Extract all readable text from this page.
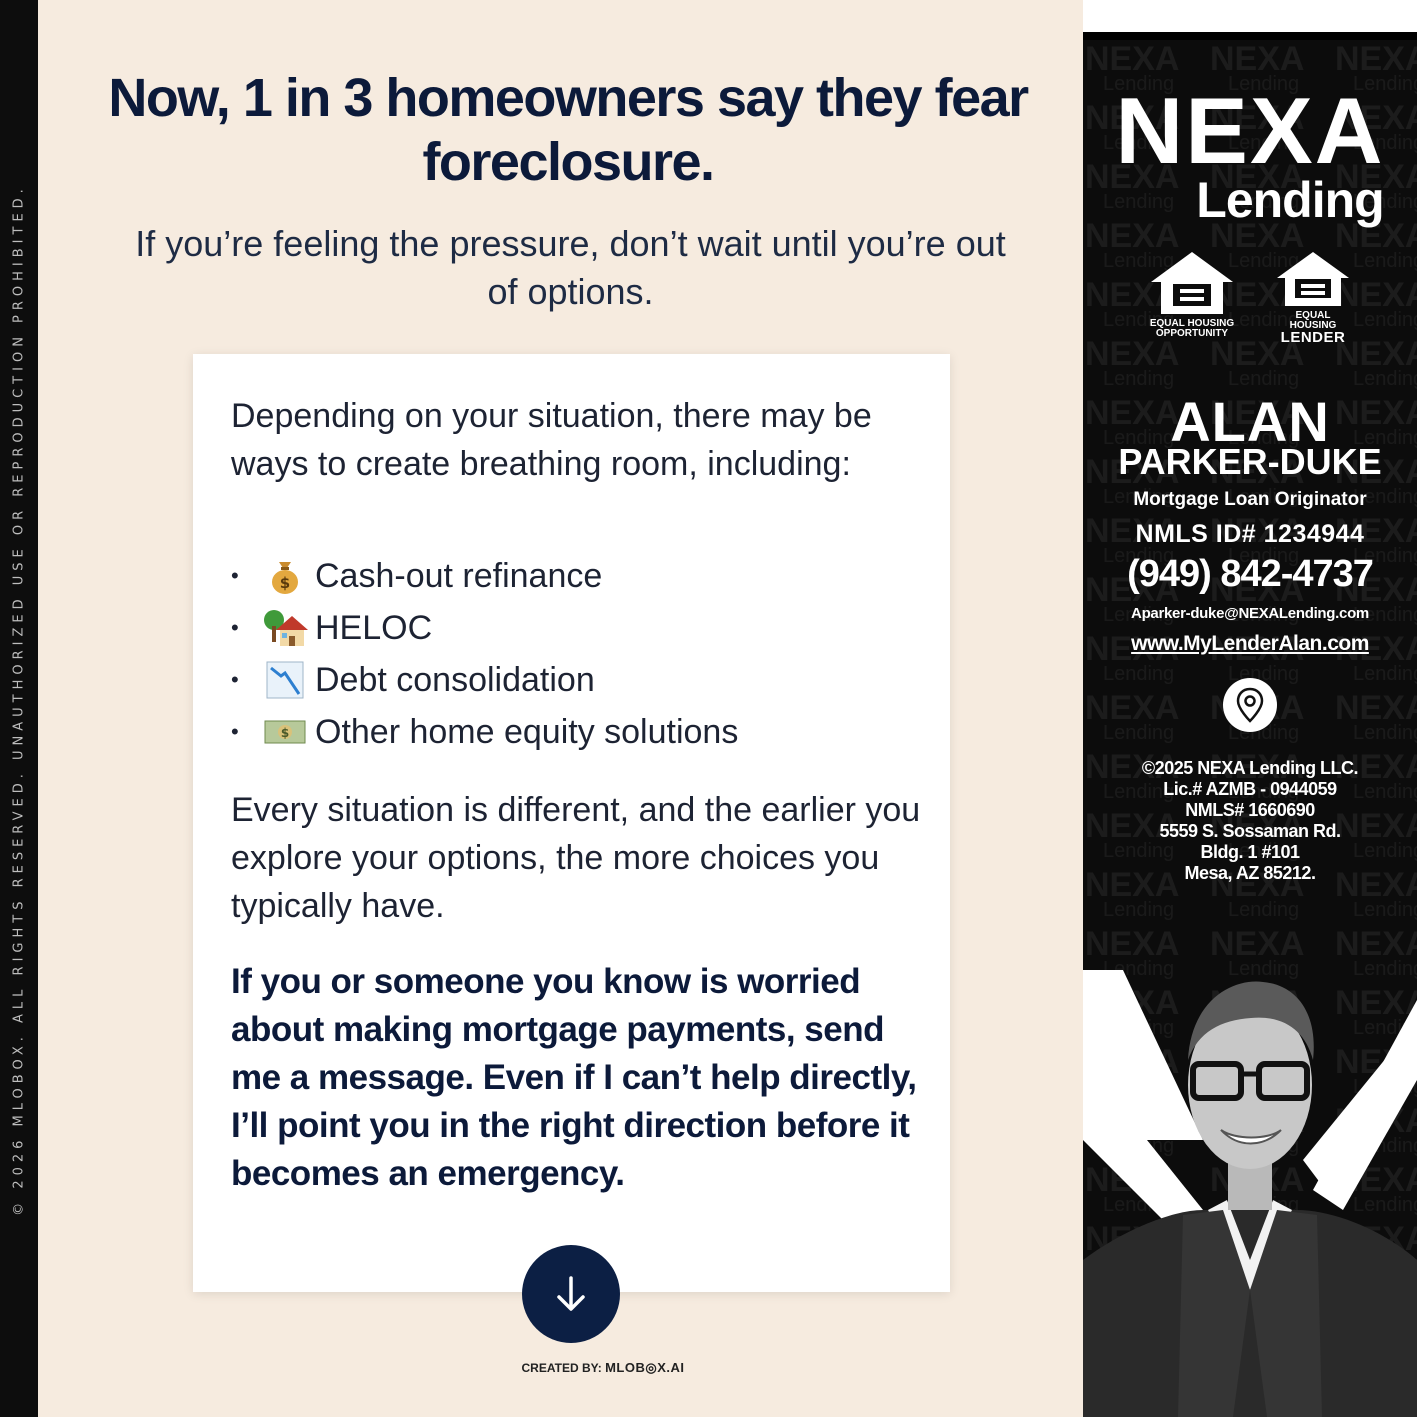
© 2026 MLOBOX. ALL RIGHTS RESERVED. UNAUTHORIZED USE OR REPRODUCTION PROHIBITED.
Now, 1 in 3 homeowners say they fear foreclosure.

If you’re feeling the pressure, don’t wait until you’re out of options.

Depending on your situation, there may be ways to create breathing room, including:

•	$ Cash-out refinance
•	HELOC
•	Debt consolidation
•	$ Other home equity solutions

Every situation is different, and the earlier you explore your options, the more choices you typically have.

If you or someone you know is worried about making mortgage payments, send me a message. Even if I can’t help directly, I’ll point you in the right direction before it becomes an emergency.

CREATED BY: MLOB◎X.AI
NEXA
Lending
EQUAL HOUSING
OPPORTUNITY
EQUAL HOUSING
LENDER

ALAN

PARKER-DUKE

Mortgage Loan Originator

NMLS ID# 1234944

(949) 842-4737

Aparker-duke@NEXALending.com

www.MyLenderAlan.com

©2025 NEXA Lending LLC.
Lic.# AZMB - 0944059
NMLS# 1660690
5559 S. Sossaman Rd.
Bldg. 1 #101
Mesa, AZ 85212.
